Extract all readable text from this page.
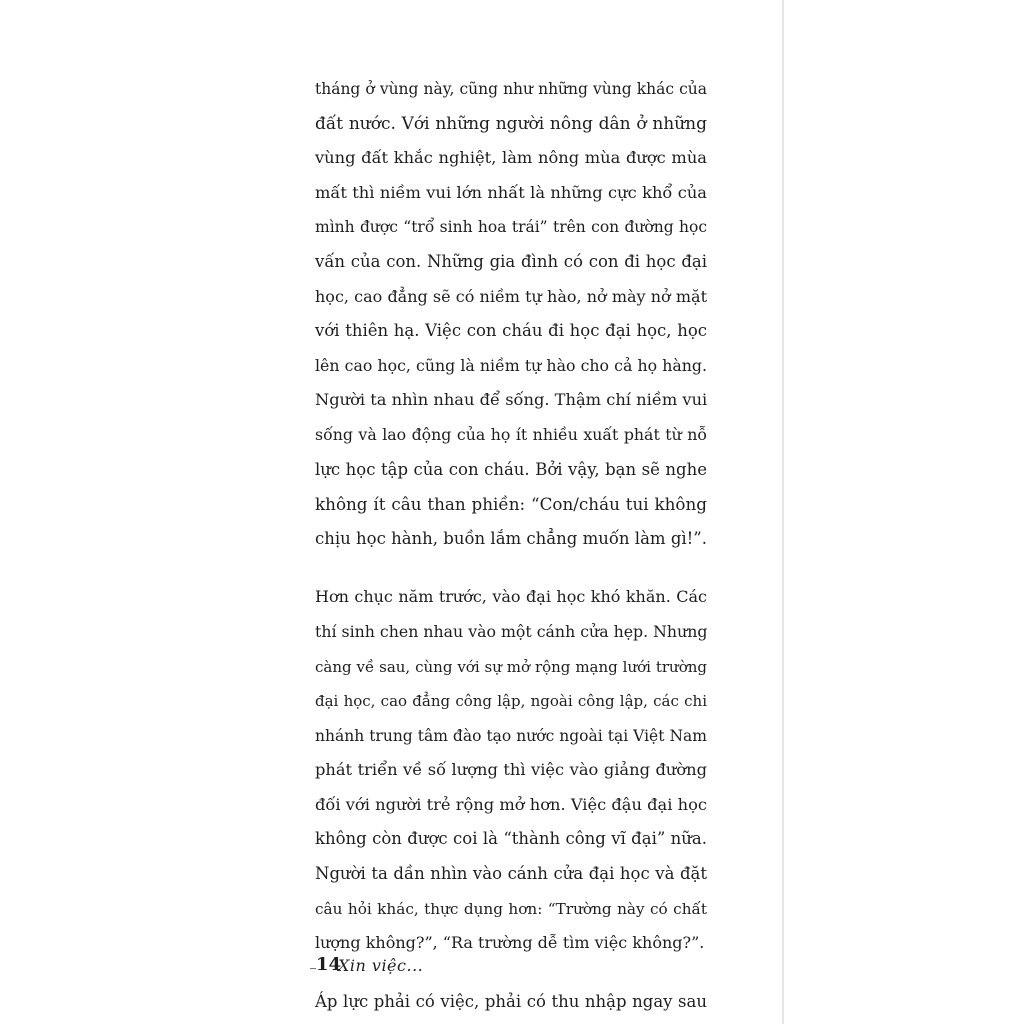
tháng ở vùng này, cũng như những vùng khác của
đất nước. Với những người nông dân ở những
vùng đất khắc nghiệt, làm nông mùa được mùa
mất thì niềm vui lớn nhất là những cực khổ của
mình được “trổ sinh hoa trái” trên con đường học
vấn của con. Những gia đình có con đi học đại
học, cao đẳng sẽ có niềm tự hào, nở mày nở mặt
với thiên hạ. Việc con cháu đi học đại học, học
lên cao học, cũng là niềm tự hào cho cả họ hàng.
Người ta nhìn nhau để sống. Thậm chí niềm vui
sống và lao động của họ ít nhiều xuất phát từ nỗ
lực học tập của con cháu. Bởi vậy, bạn sẽ nghe
không ít câu than phiền: “Con/cháu tui không
chịu học hành, buồn lắm chẳng muốn làm gì!”.
Hơn chục năm trước, vào đại học khó khăn. Các
thí sinh chen nhau vào một cánh cửa hẹp. Nhưng
càng về sau, cùng với sự mở rộng mạng lưới trường
đại học, cao đẳng công lập, ngoài công lập, các chi
nhánh trung tâm đào tạo nước ngoài tại Việt Nam
phát triển về số lượng thì việc vào giảng đường
đối với người trẻ rộng mở hơn. Việc đậu đại học
không còn được coi là “thành công vĩ đại” nữa.
Người ta dần nhìn vào cánh cửa đại học và đặt
câu hỏi khác, thực dụng hơn: “Trường này có chất
lượng không?”, “Ra trường dễ tìm việc không?”.
Áp lực phải có việc, phải có thu nhập ngay sau
14
Xin việc...
